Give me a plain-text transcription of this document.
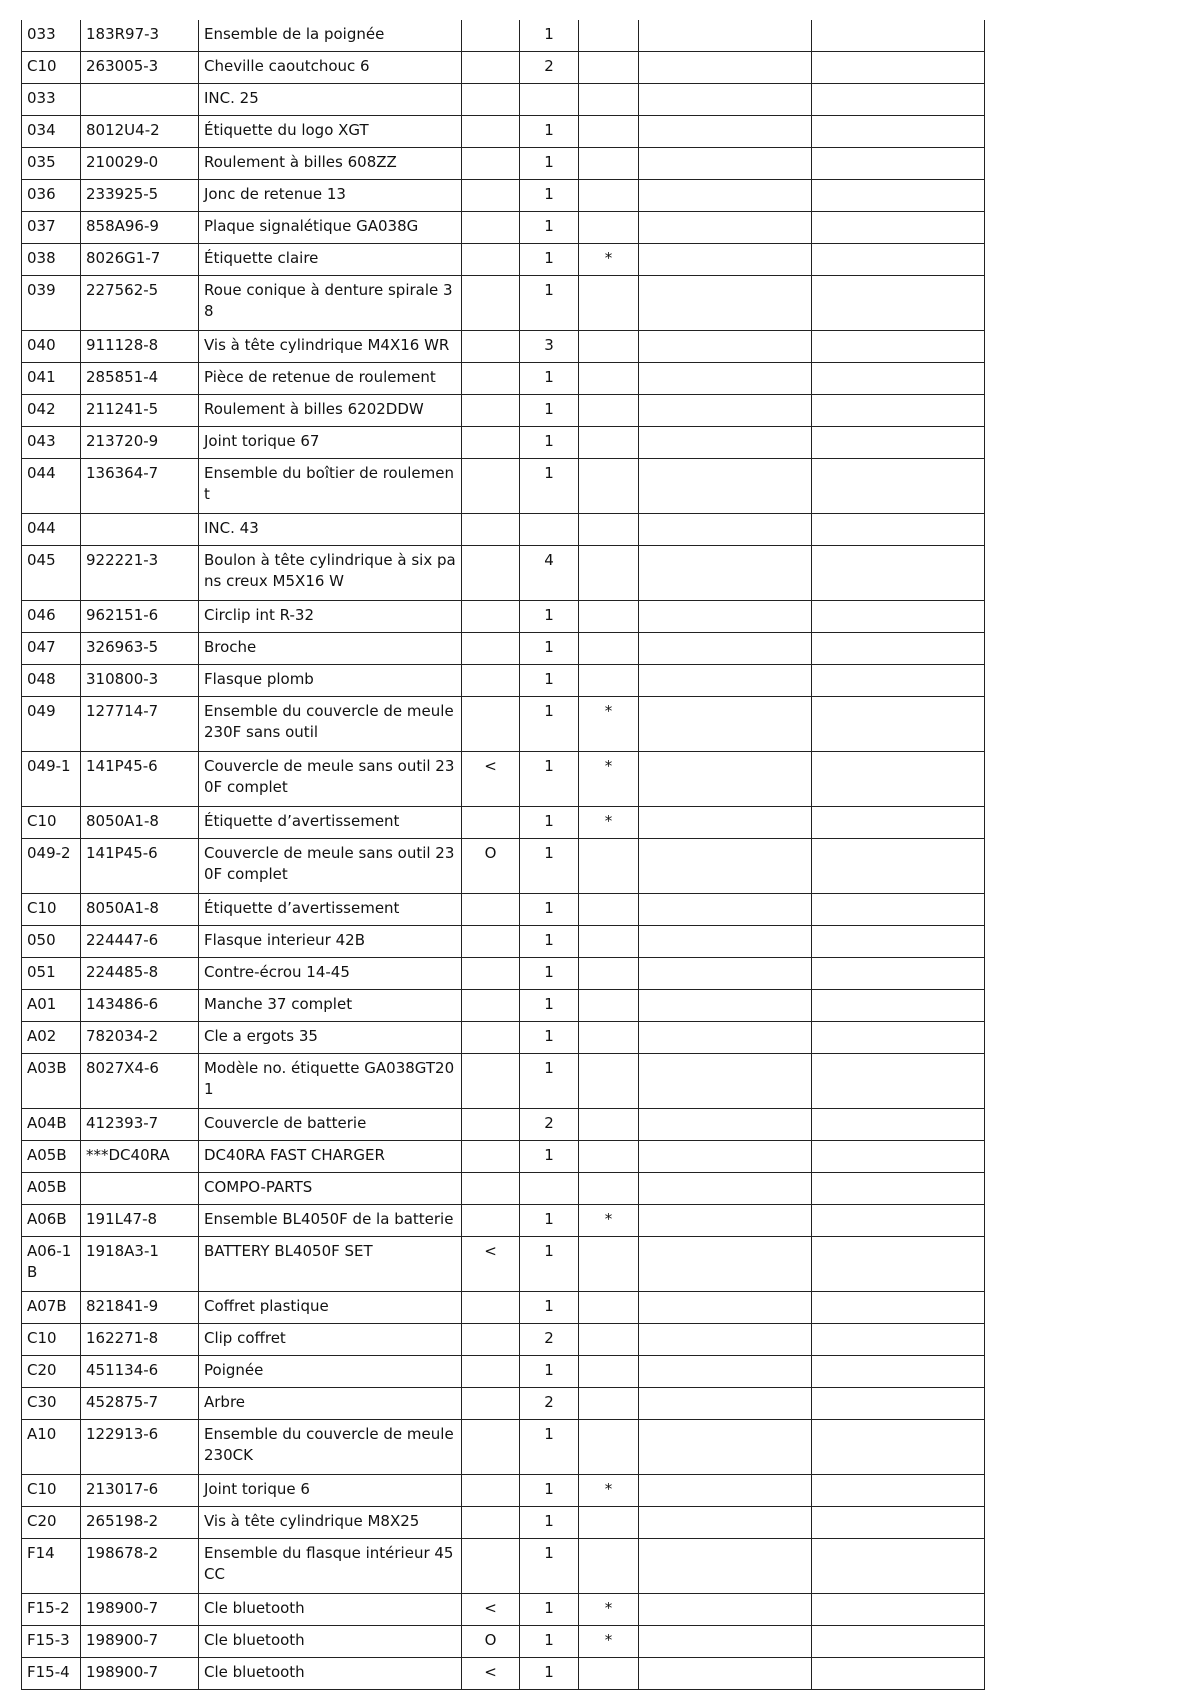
033	183R97-3	Ensemble de la poignée		1			
C10	263005-3	Cheville caoutchouc 6		2			
033		INC. 25					
034	8012U4-2	Étiquette du logo XGT		1			
035	210029-0	Roulement à billes 608ZZ		1			
036	233925-5	Jonc de retenue 13		1			
037	858A96-9	Plaque signalétique GA038G		1			
038	8026G1-7	Étiquette claire		1	*		
039	227562-5	Roue conique à denture spirale 38		1			
040	911128-8	Vis à tête cylindrique M4X16 WR		3			
041	285851-4	Pièce de retenue de roulement		1			
042	211241-5	Roulement à billes 6202DDW		1			
043	213720-9	Joint torique 67		1			
044	136364-7	Ensemble du boîtier de roulement		1			
044		INC. 43					
045	922221-3	Boulon à tête cylindrique à six pans creux M5X16 W		4			
046	962151-6	Circlip int R-32		1			
047	326963-5	Broche		1			
048	310800-3	Flasque plomb		1			
049	127714-7	Ensemble du couvercle de meule 230F sans outil		1	*		
049-1	141P45-6	Couvercle de meule sans outil 230F complet	<	1	*		
C10	8050A1-8	Étiquette d’avertissement		1	*		
049-2	141P45-6	Couvercle de meule sans outil 230F complet	O	1			
C10	8050A1-8	Étiquette d’avertissement		1			
050	224447-6	Flasque interieur 42B		1			
051	224485-8	Contre-écrou 14-45		1			
A01	143486-6	Manche 37 complet		1			
A02	782034-2	Cle a ergots 35		1			
A03B	8027X4-6	Modèle no. étiquette GA038GT201		1			
A04B	412393-7	Couvercle de batterie		2			
A05B	***DC40RA	DC40RA FAST CHARGER		1			
A05B		COMPO-PARTS					
A06B	191L47-8	Ensemble BL4050F de la batterie		1	*		
A06-1B	1918A3-1	BATTERY BL4050F SET	<	1			
A07B	821841-9	Coffret plastique		1			
C10	162271-8	Clip coffret		2			
C20	451134-6	Poignée		1			
C30	452875-7	Arbre		2			
A10	122913-6	Ensemble du couvercle de meule 230CK		1			
C10	213017-6	Joint torique 6		1	*		
C20	265198-2	Vis à tête cylindrique M8X25		1			
F14	198678-2	Ensemble du flasque intérieur 45CC		1			
F15-2	198900-7	Cle bluetooth	<	1	*		
F15-3	198900-7	Cle bluetooth	O	1	*		
F15-4	198900-7	Cle bluetooth	<	1			
